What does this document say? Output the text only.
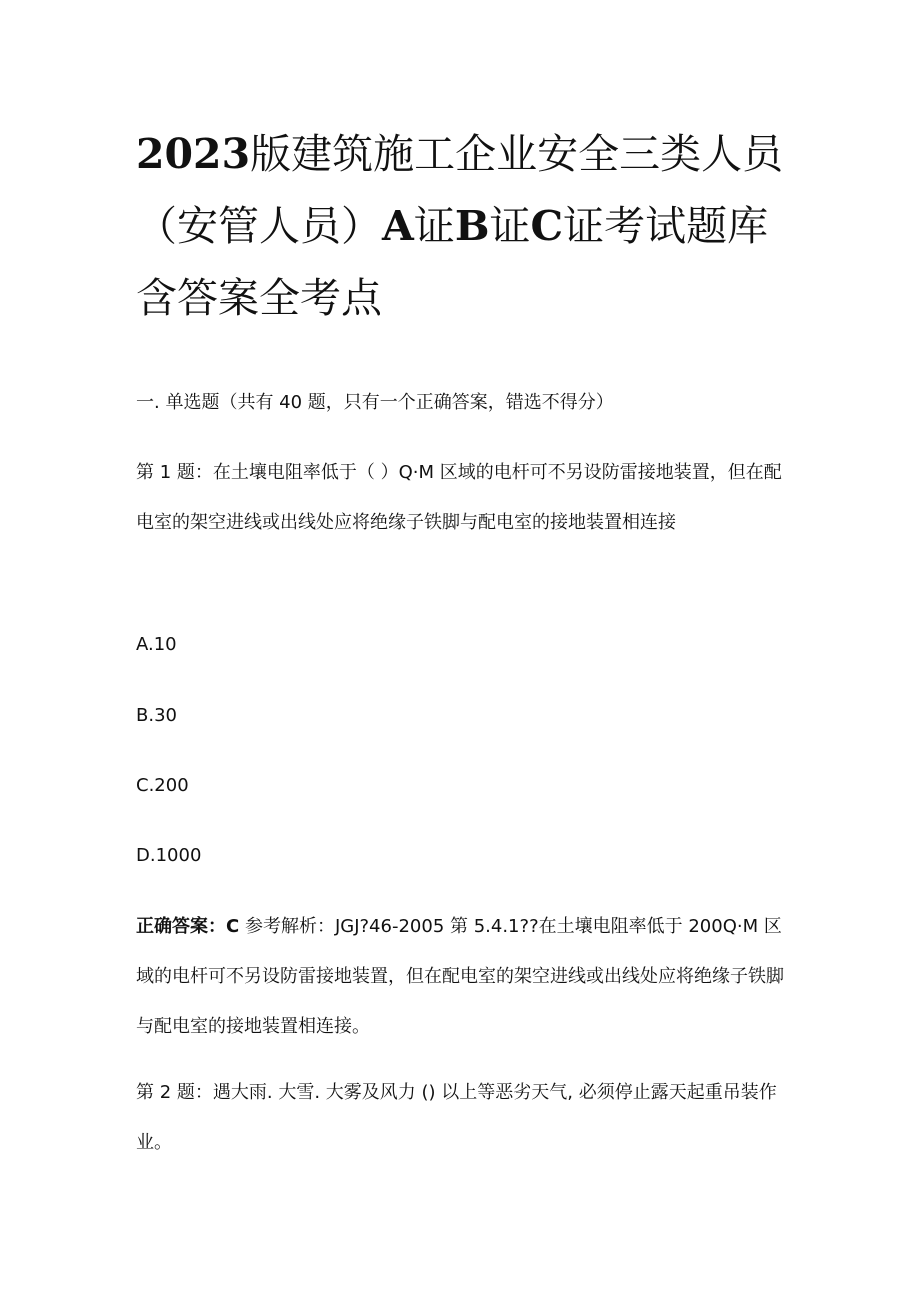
2023版建筑施工企业安全三类人员（安管人员）A证B证C证考试题库含答案全考点
一. 单选题（共有 40 题，只有一个正确答案，错选不得分）

第 1 题：在土壤电阻率低于（ ）Q·M 区域的电杆可不另设防雷接地装置，但在配电室的架空进线或出线处应将绝缘子铁脚与配电室的接地装置相连接

A.10
B.30
C.200
D.1000

正确答案：C 参考解析：JGJ?46-2005 第 5.4.1??在土壤电阻率低于 200Q·M 区域的电杆可不另设防雷接地装置，但在配电室的架空进线或出线处应将绝缘子铁脚与配电室的接地装置相连接。

第 2 题：遇大雨. 大雪. 大雾及风力 () 以上等恶劣天气, 必须停止露天起重吊装作业。
